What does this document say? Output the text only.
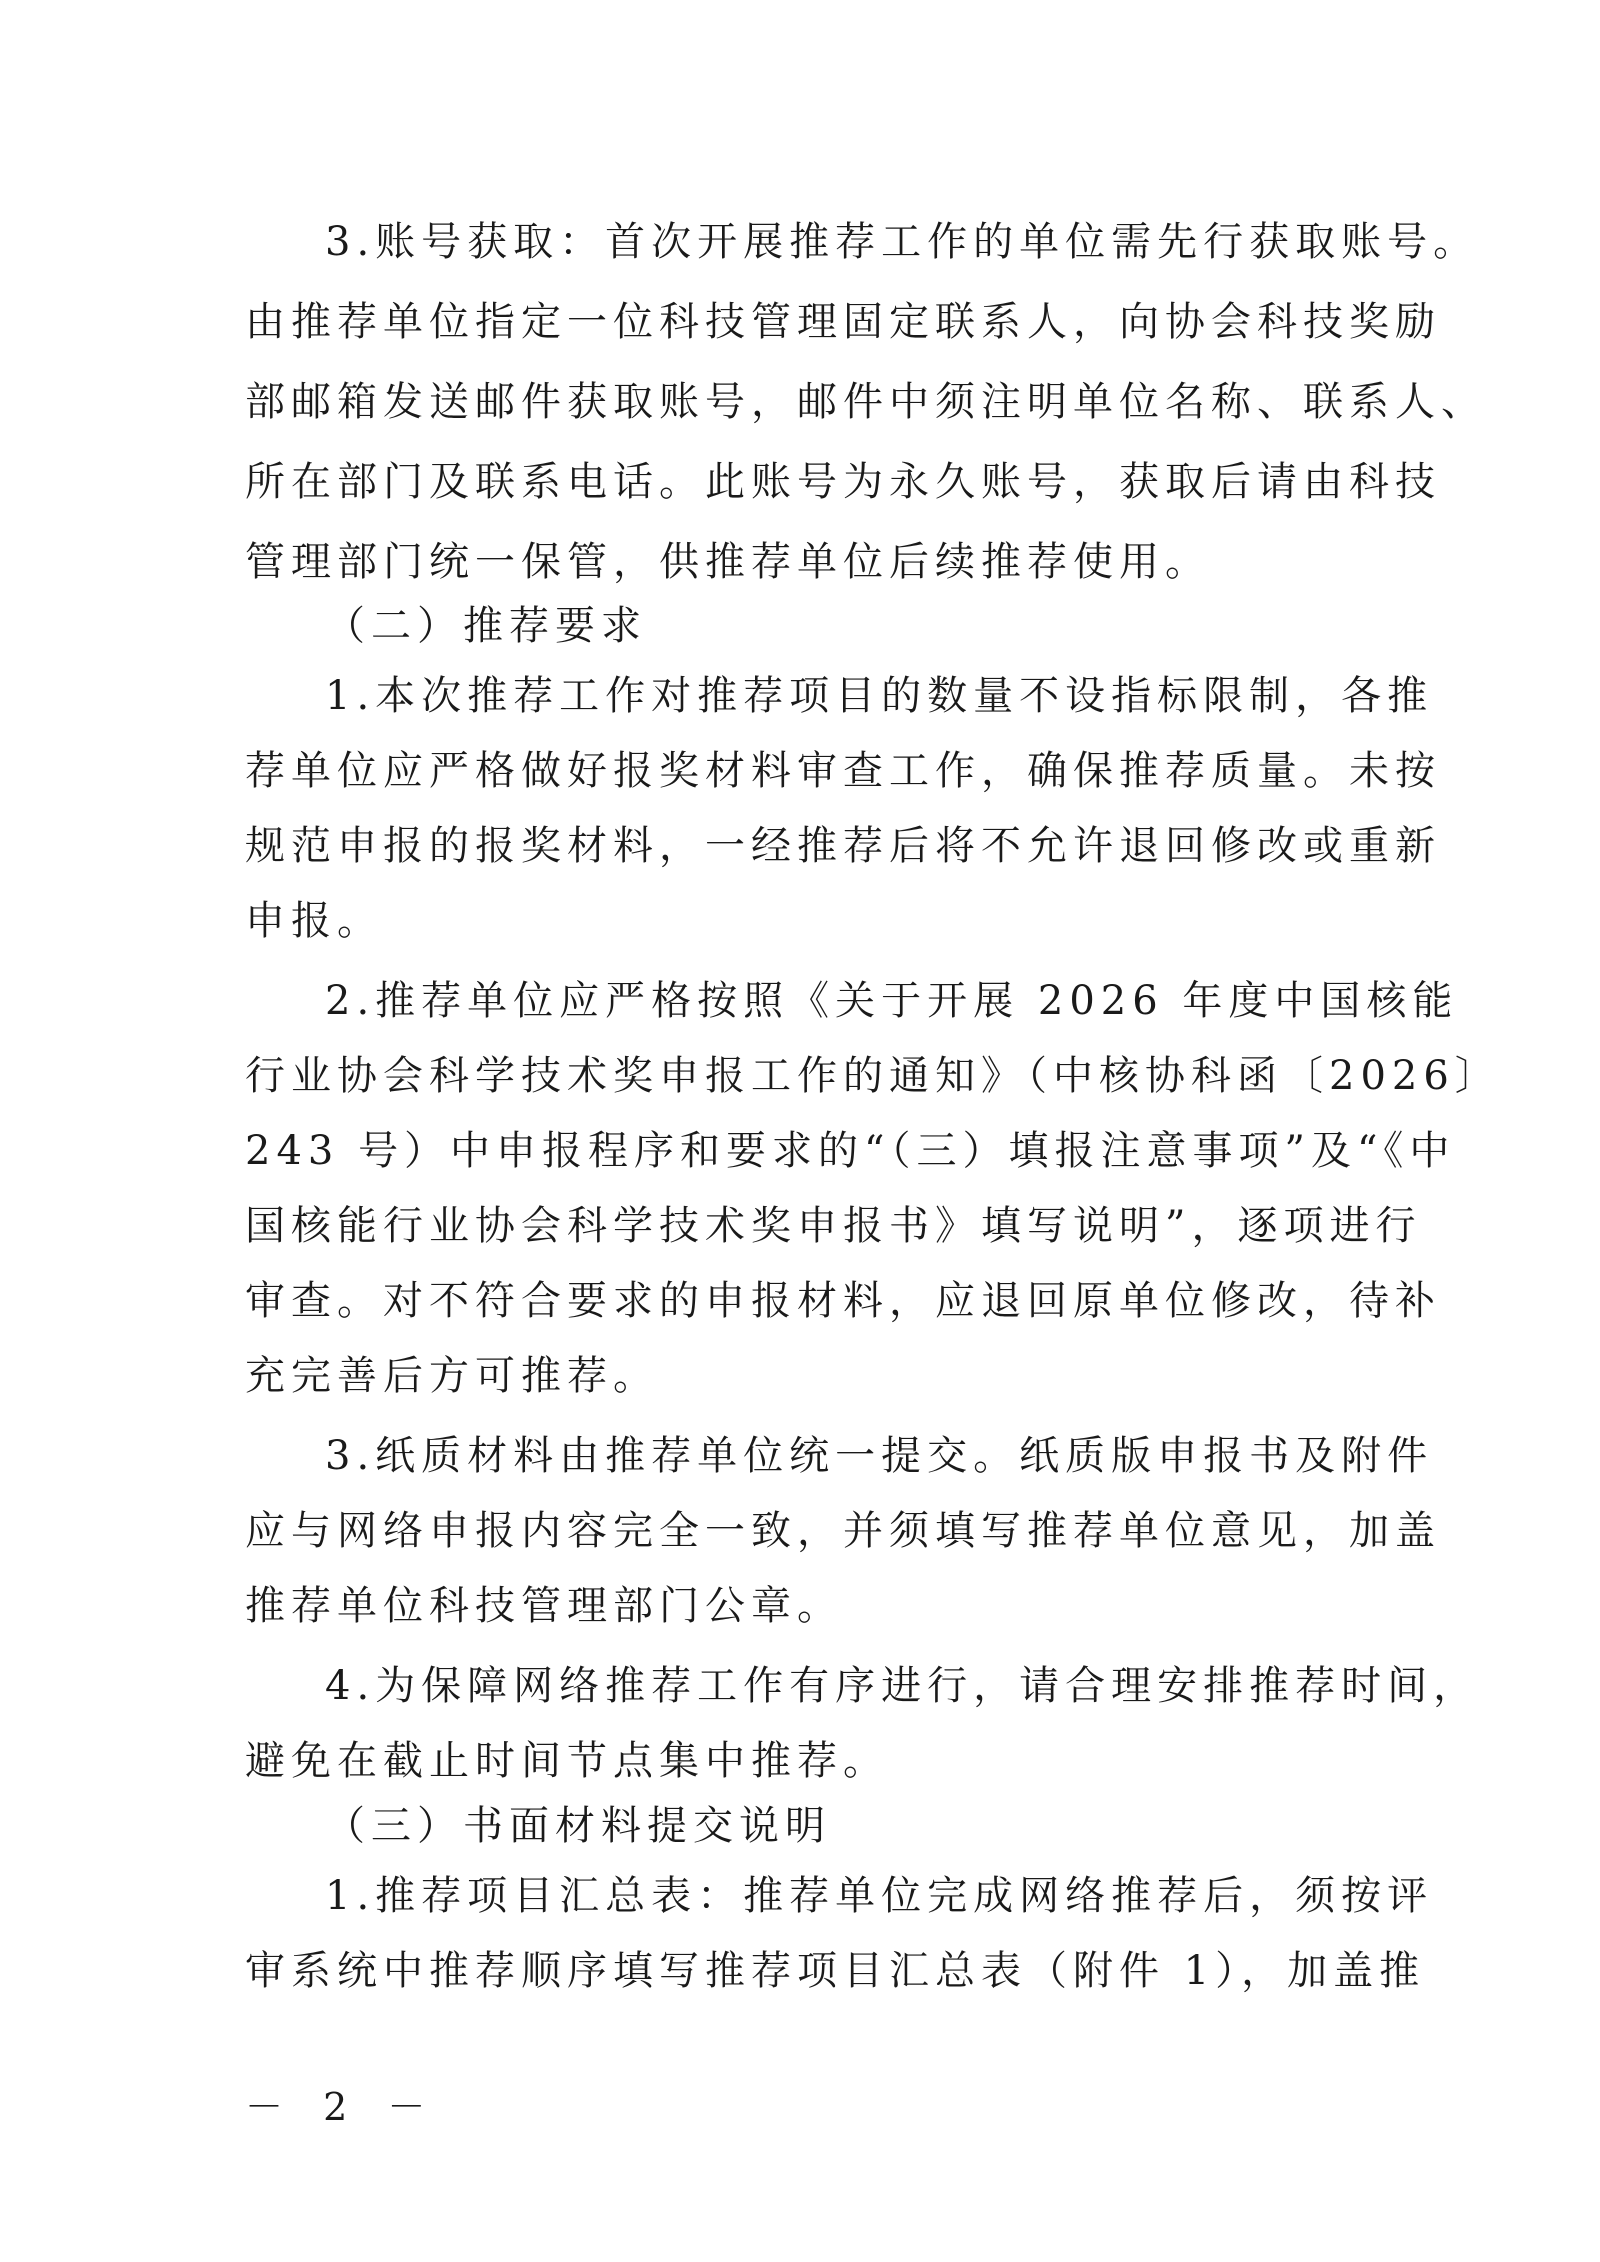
3.账号获取：首次开展推荐工作的单位需先行获取账号。
由推荐单位指定一位科技管理固定联系人，向协会科技奖励
部邮箱发送邮件获取账号，邮件中须注明单位名称、联系人、
所在部门及联系电话。此账号为永久账号，获取后请由科技
管理部门统一保管，供推荐单位后续推荐使用。
（二）推荐要求
1.本次推荐工作对推荐项目的数量不设指标限制，各推
荐单位应严格做好报奖材料审查工作，确保推荐质量。未按
规范申报的报奖材料，一经推荐后将不允许退回修改或重新
申报。
2.推荐单位应严格按照《关于开展 2026 年度中国核能
行业协会科学技术奖申报工作的通知》（中核协科函〔2026〕
243 号）中申报程序和要求的“（三）填报注意事项”及“《中
国核能行业协会科学技术奖申报书》填写说明”，逐项进行
审查。对不符合要求的申报材料，应退回原单位修改，待补
充完善后方可推荐。
3.纸质材料由推荐单位统一提交。纸质版申报书及附件
应与网络申报内容完全一致，并须填写推荐单位意见，加盖
推荐单位科技管理部门公章。
4.为保障网络推荐工作有序进行，请合理安排推荐时间，
避免在截止时间节点集中推荐。
（三）书面材料提交说明
1.推荐项目汇总表：推荐单位完成网络推荐后，须按评
审系统中推荐顺序填写推荐项目汇总表（附件 1），加盖推
－ 2 －
